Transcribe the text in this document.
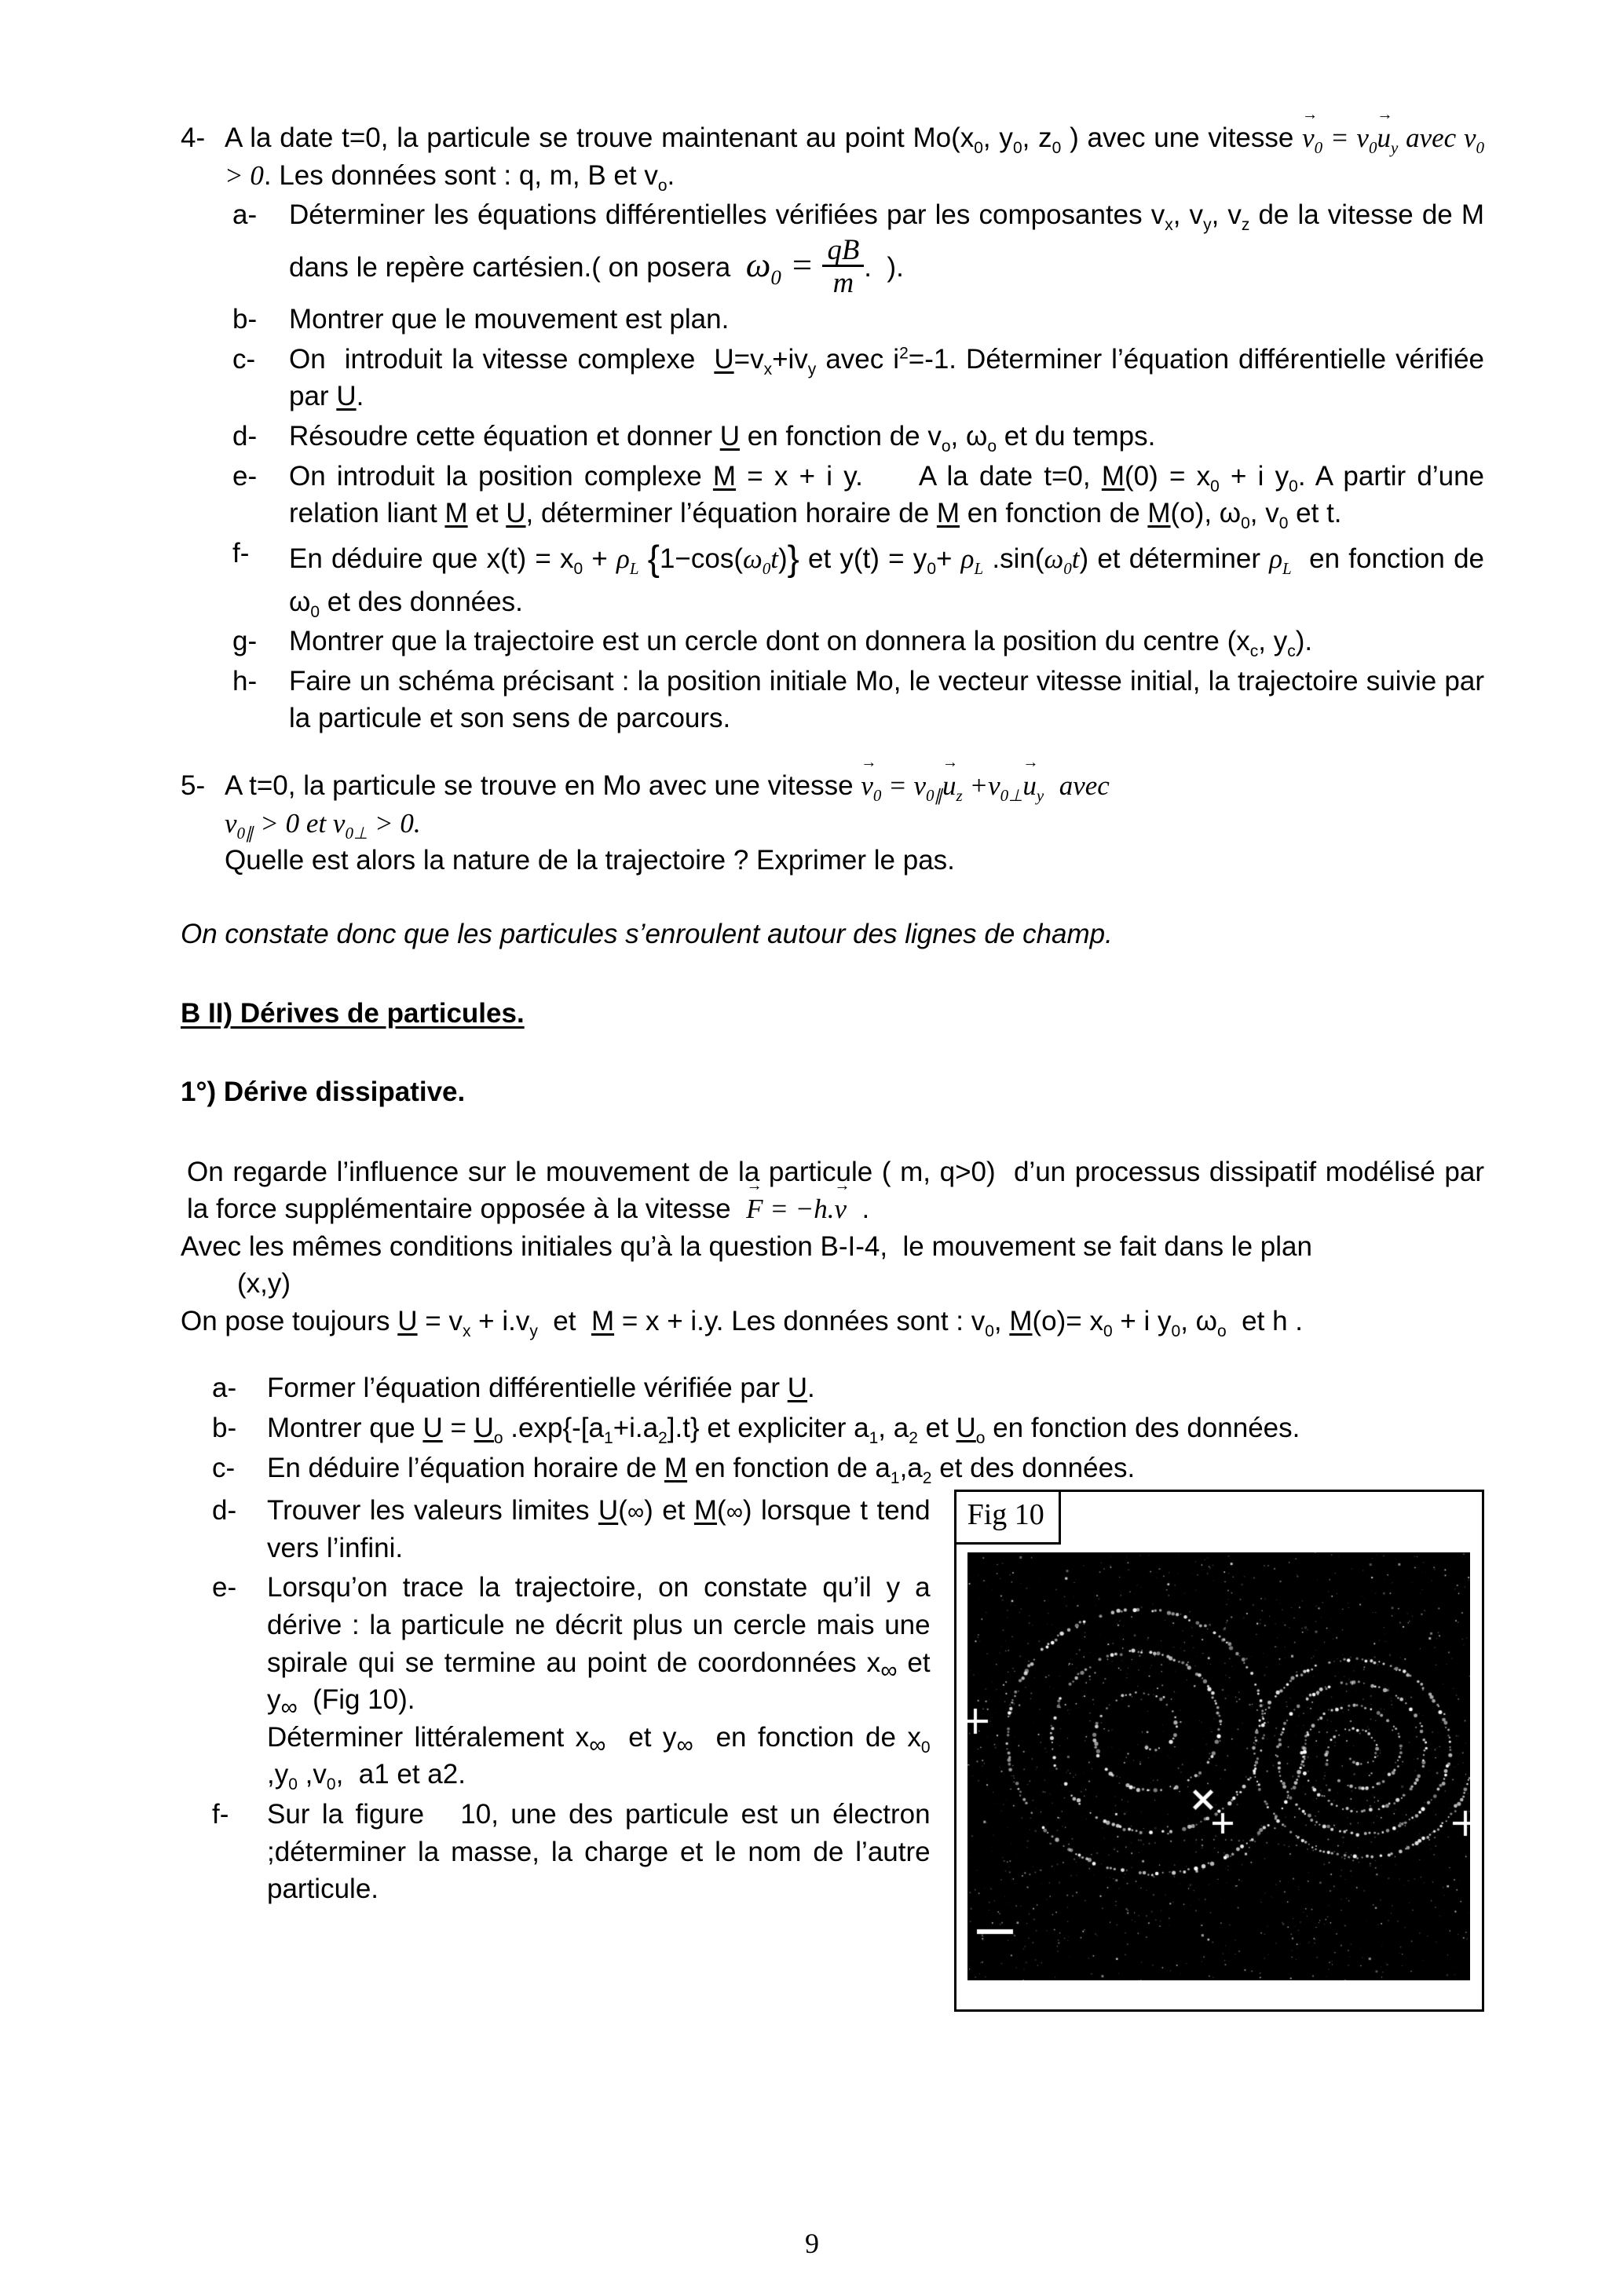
4- A la date t=0, la particule se trouve maintenant au point $Mo(x_0$, $y_0$, $z_0$ ) avec une vitesse $v \to_0 = v_0u \to_y$ avec $v_0 > 0$. Les données sont : q, m, B et $v_o$.
a- Déterminer les équations différentielles vérifiées par les composantes $v_x$, $v_y$, $v_z$ de la vitesse de M dans le repère cartésien.( on posera  $\omega_0 = \frac{qB}{m}$ .  ).
b- Montrer que le mouvement est plan.
c- On  introduit la vitesse complexe  $U=v_x+iv_y$ avec $i^2=-1$. Déterminer l’équation différentielle vérifiée par U.
d- Résoudre cette équation et donner U en fonction de $v_o$, $\omega_o$ et du temps.
e- On introduit la position complexe M = x + i y.     A la date t=0, $M(0) = x_0 + i$ $y_0$. A partir d’une relation liant M et U, déterminer l’équation horaire de M en fonction de M(o), $\omega_0$, $v_0$ et t.
f- En déduire que $x(t) = x_0 + \rho_L$ $\{1-\cos(\omega_0t)\}$ et $y(t) = y_0+ \rho_L$ $.\sin(\omega_0t)$ et déterminer $\rho_L$  en fonction de $\omega_0$ et des données.
g- Montrer que la trajectoire est un cercle dont on donnera la position du centre ($x_c$, $y_c$).
h- Faire un schéma précisant : la position initiale Mo, le vecteur vitesse initial, la trajectoire suivie par la particule et son sens de parcours.
5- A t=0, la particule se trouve en Mo avec une vitesse $v \to_0 = v_{0\parallel}u \to_z +v_{0\perp}u \to_y$ avec
$v_{0\parallel} > 0$ et $v_{0\perp} > 0$.
Quelle est alors la nature de la trajectoire ? Exprimer le pas.
On constate donc que les particules s’enroulent autour des lignes de champ.
B II) Dérives de particules.
1°) Dérive dissipative.
On regarde l’influence sur le mouvement de la particule ( m, q>0)  d’un processus dissipatif modélisé par la force supplémentaire opposée à la vitesse  F → = −h.v →  .
Avec les mêmes conditions initiales qu’à la question B-I-4,  le mouvement se fait dans le plan
(x,y)
On pose toujours $U = v_x + i.v_y$  et  M = x + i.y. Les données sont : $v_0$, $M(o)= x_0 + i$ $y_0$, $\omega_o$  et h .
a- Former l’équation différentielle vérifiée par U.
b- Montrer que $U = U_o$ $.\exp\{-[a_1+i.a_2].t\}$ et expliciter $a_1$, $a_2$ et $U_o$ en fonction des données.
c- En déduire l’équation horaire de M en fonction de $a_1,a_2$ et des données.
d- Trouver les valeurs limites U(∞) et M(∞) lorsque t tend vers l’infini.
e- Lorsqu’on trace la trajectoire, on constate qu’il y a dérive : la particule ne décrit plus un cercle mais une spirale qui se termine au point de coordonnées $x_\infty$ et $y_\infty$  (Fig 10).
Déterminer littéralement $x_\infty$  et $y_\infty$  en fonction de $x_0$ $,y_0$ $,v_0$,  a1 et a2.
f- Sur la figure   10, une des particule est un électron ;déterminer la masse, la charge et le nom de l’autre particule.
Fig 10
9
